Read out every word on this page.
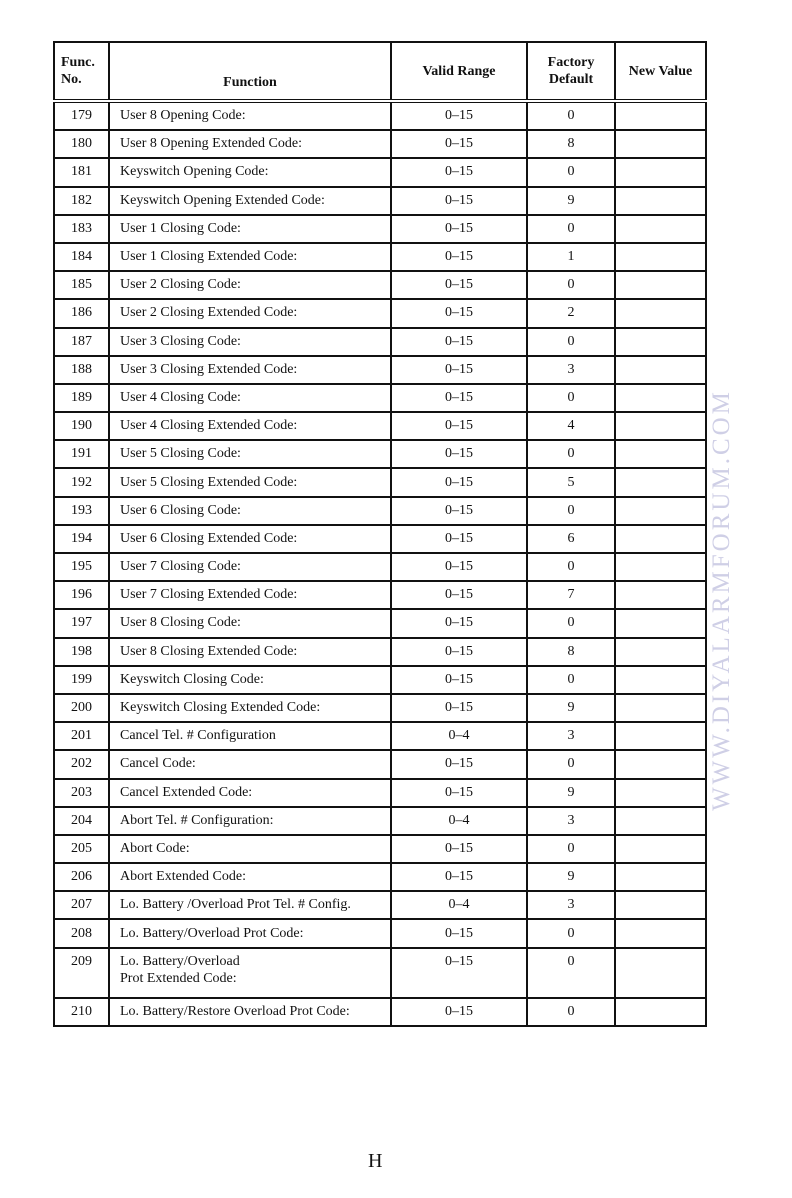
Func. No.	Function	Valid Range	Factory Default	New Value
179	User 8 Opening Code:	0–15	0	
180	User 8 Opening Extended Code:	0–15	8	
181	Keyswitch Opening Code:	0–15	0	
182	Keyswitch Opening Extended Code:	0–15	9	
183	User 1 Closing Code:	0–15	0	
184	User 1 Closing Extended Code:	0–15	1	
185	User 2 Closing Code:	0–15	0	
186	User 2 Closing Extended Code:	0–15	2	
187	User 3 Closing Code:	0–15	0	
188	User 3 Closing Extended Code:	0–15	3	
189	User 4 Closing Code:	0–15	0	
190	User 4 Closing Extended Code:	0–15	4	
191	User 5 Closing Code:	0–15	0	
192	User 5 Closing Extended Code:	0–15	5	
193	User 6 Closing Code:	0–15	0	
194	User 6 Closing Extended Code:	0–15	6	
195	User 7 Closing Code:	0–15	0	
196	User 7 Closing Extended Code:	0–15	7	
197	User 8 Closing Code:	0–15	0	
198	User 8 Closing Extended Code:	0–15	8	
199	Keyswitch Closing Code:	0–15	0	
200	Keyswitch Closing Extended Code:	0–15	9	
201	Cancel Tel. # Configuration	0–4	3	
202	Cancel Code:	0–15	0	
203	Cancel Extended Code:	0–15	9	
204	Abort Tel. # Configuration:	0–4	3	
205	Abort Code:	0–15	0	
206	Abort Extended Code:	0–15	9	
207	Lo. Battery /Overload Prot Tel. # Config.	0–4	3	
208	Lo. Battery/Overload Prot Code:	0–15	0	
209	Lo. Battery/Overload
Prot Extended Code:	0–15	0	
210	Lo. Battery/Restore Overload Prot Code:	0–15	0	
WWW.DIYALARMFORUM.COM
H
